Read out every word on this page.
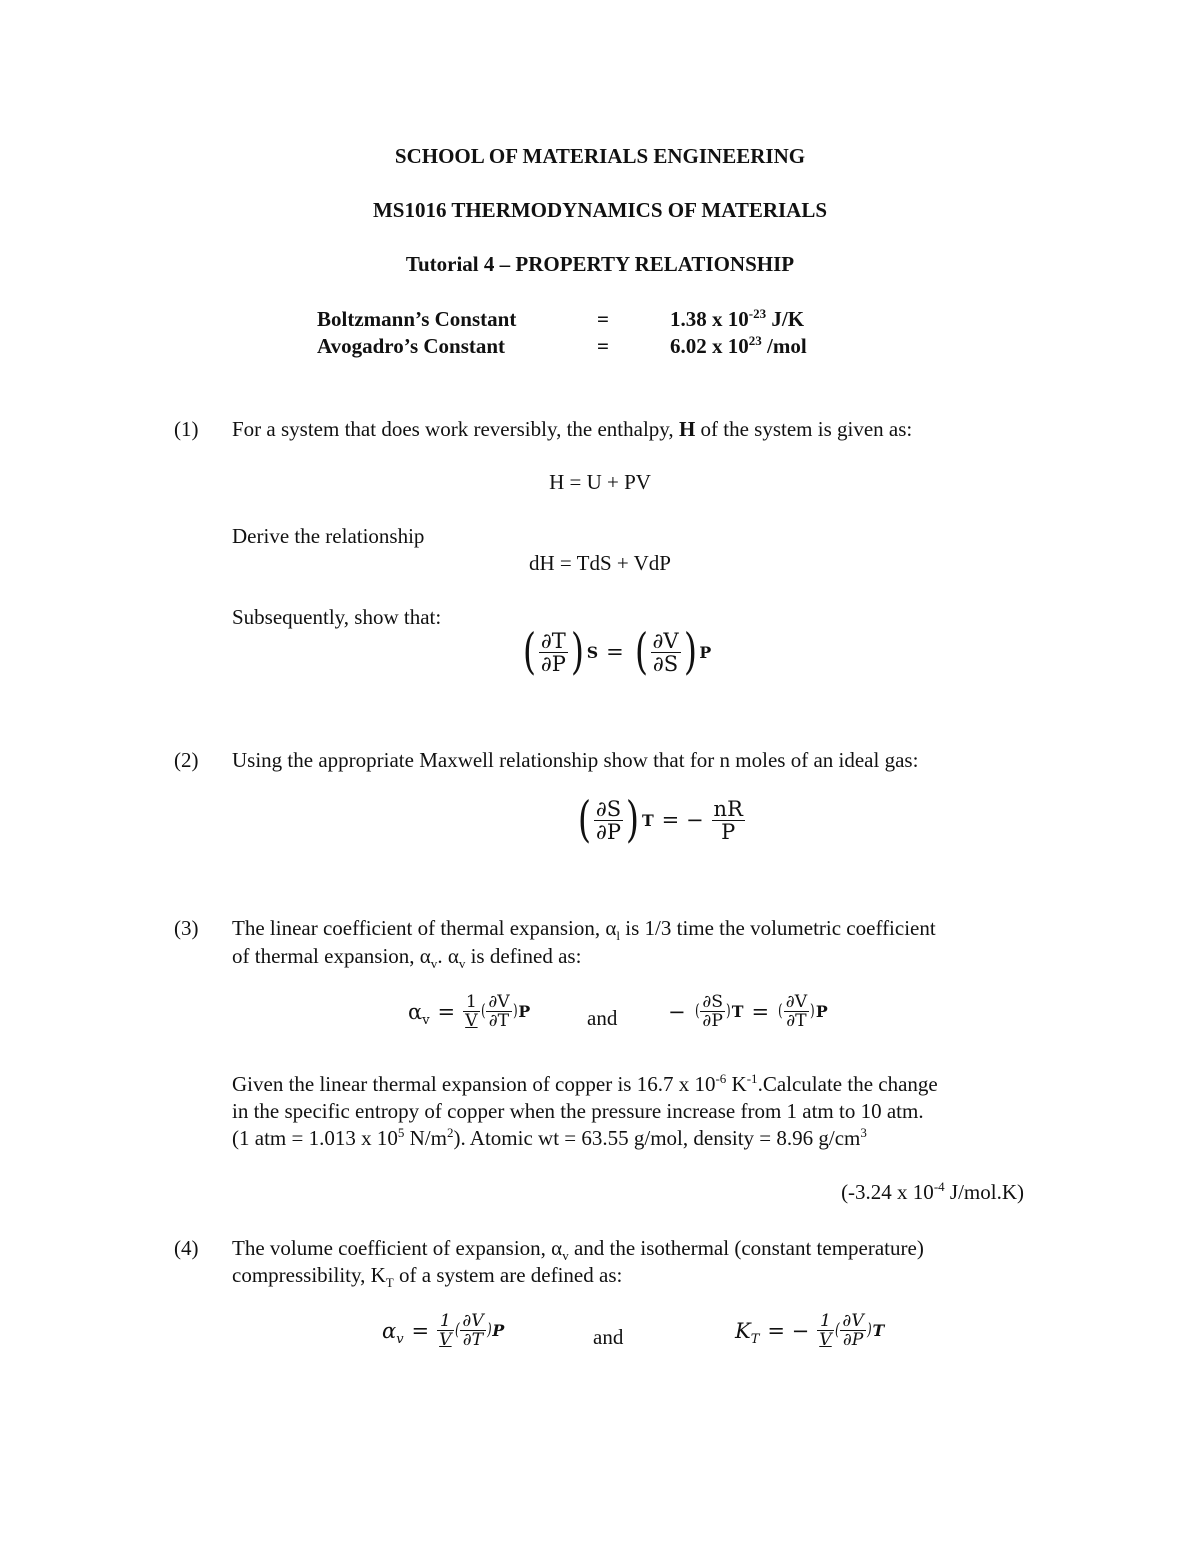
SCHOOL OF MATERIALS ENGINEERING
MS1016 THERMODYNAMICS OF MATERIALS
Tutorial 4 – PROPERTY RELATIONSHIP
Boltzmann’s Constant	=	1.38 x $10^{-23}$ J/K
Avogadro’s Constant	=	6.02 x $10^{23}$ /mol
(1) For a system that does work reversibly, the enthalpy, H of the system is given as:
H = U + PV
Derive the relationship
dH = TdS + VdP
Subsequently, show that:
( $\frac{\partial T}{\partial P}$ ) S = ( $\frac{\partial V}{\partial S}$ ) P
(2) Using the appropriate Maxwell relationship show that for n moles of an ideal gas:
( $\frac{\partial S}{\partial P}$ ) T = − $\frac{nR}{P}$
(3) The linear coefficient of thermal expansion, $\alpha_l$ is 1/3 time the volumetric coefficient
of thermal expansion, $\alpha_v$. $\alpha_v$ is defined as:
$\alpha_v = \frac{1}{V}$ ( $\frac{\partial V}{\partial T}$ ) P	and − ( $\frac{\partial S}{\partial P}$ ) T = ( $\frac{\partial V}{\partial T}$ ) P
Given the linear thermal expansion of copper is 16.7 x $10^{-6}$ $K^{-1}.Calculate$ the change
in the specific entropy of copper when the pressure increase from 1 atm to 10 atm.
(1 atm = 1.013 x $10^5$ $N/m^2$). Atomic wt = 63.55 g/mol, density = 8.96 $g/cm^3$
(-3.24 x $10^{-4}$ J/mol.K)
(4) The volume coefficient of expansion, $\alpha_v$ and the isothermal (constant temperature)
compressibility, $K_T$ of a system are defined as:
$\alpha_v = \frac{1}{V}$ ( $\frac{\partial V}{\partial T}$ ) P	and	$K_T$ = − $\frac{1}{V}$ ( $\frac{\partial V}{\partial P}$ ) T
